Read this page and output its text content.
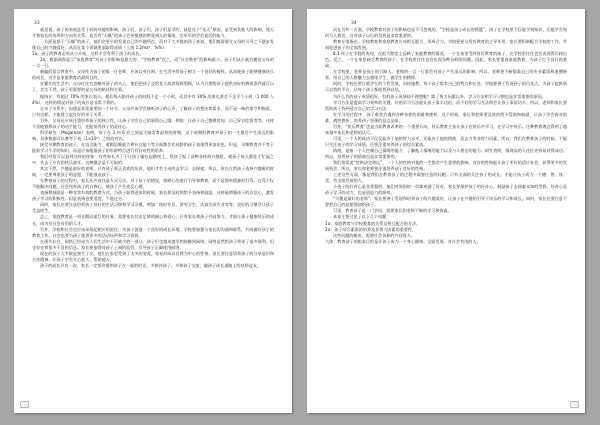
33

就是说，孩子的表现是受于妈妈对她的影响，孩子们，孩子们，孩子们是学的，就是这个“先天”原因，是受到其他人的影响，使天才和家长的培养和方向有关系。是否有“天赋”的孩子会更敏感的察觉到人的情绪，会更早的学会说话的能力。

一方面是基于“天赋”的孩子，他们会更早的发现自己的兴趣所在，而对于大多数的孩子来说，他们都需要在父母的引导之下逐步发现自己的兴趣爱好，从而在某个领域里面取得成绩（上海 1.2ma²：%%）。

1a，孩子的教育必须从小开始，这样才会有利于孩子的成长。

2a，根据调查显示“家庭教育”对孩子的影响是最大的，“学校教育”次之，而“社会教育”的影响最小。孩子们从小就会模仿父母的一言一行。

新编的语言教育中，父母作为孩子的第一任老师，应该以身作则，在生活中给孩子树立一个良好的榜样。从而使孩子能够健康快乐的成长，这才是家庭教育的最终目的。

在繁忙的生活中，父母往往会忽略对孩子的关心，他们把孩子交给老人或者保姆照顾，认为只要给孩子提供良好的物质条件就可以了。其实不然，孩子更需要的是父母的陪伴和关爱。

据统计，有超过 70% 的家长表示，他们每天陪伴孩子的时间不足一个小时，而其中有 30% 的家长甚至不足半个小时（1 000 人 4%）。这样的情况对孩子的成长是非常不利的。

在亲子关系中，沟通是非常重要的一个环节。父母应该学会倾听孩子的心声，了解孩子的想法和需求，而不是一味的命令和指责。只有这样，才能建立起良好的亲子关系。

另外，父母还应该注重培养孩子的独立性，让孩子学会自己的事情自己做。例如：让孩子自己整理房间、自己穿衣吃饭等等。这样不仅能锻炼孩子的动手能力，还能培养孩子的责任心。

科学研究（Megaman）表明，孩子在 3 到 6 岁之间是大脑发育最快的时期，这个时期的教育对孩子的一生都会产生深远的影响。具体数据可以参考下表（1×10⁵）之间的对比。

接受早期教育的孩子，在语言能力、逻辑思维能力和社交能力等方面都会比同龄的孩子表现得更加出色。但是，早期教育并不等于提前学习小学的知识，而是应该根据孩子的年龄特点进行有针对性的培养。

我们经常可以看到这样的现象：有些家长为了不让孩子输在起跑线上，给孩子报了各种各样的兴趣班，使孩子每天都处于忙碌之中，失去了应有的快乐童年。这种做法是不可取的。

其实不然，兴趣是最好的老师，只有孩子真正喜欢的东西，他们才会主动的去学习、去探索。所以，家长在给孩子选择兴趣班的时候，一定要尊重孩子的意愿，不能强迫孩子。

在教育孩子的过程中，家长还应该注意方式方法。对于孩子的错误，要耐心的进行引导和教育，而不是简单粗暴的打骂。打骂不仅不能解决问题，还会伤害孩子的自尊心，使孩子产生逆反心理。

表扬和鼓励是一种非常有效的教育方式。当孩子取得进步的时候，家长要及时的给予表扬和鼓励，这样能增强孩子的自信心，激发孩子学习的积极性。但是表扬也要适度，不能过分。

同时，家长还要注意培养孩子良好的生活习惯和学习习惯。例如：按时作息、讲究卫生、认真完成作业等等。良好的习惯会让孩子受益终生。

总之，家庭教育是一项长期而艰巨的任务，需要家长付出足够的耐心和爱心。只有家长和孩子共同努力，才能让孩子健康快乐的成长，成为对社会有用的人才。

另外，学校和社会也应该承担起相应的责任，为孩子创造一个良好的成长环境。学校要加强与家长的沟通和联系，共同做好孩子的教育工作。社会也要为孩子提供更多的活动场所和学习资源。

在现代社会，网络已经成为人们生活中不可缺少的一部分。孩子们也越来越早的接触到网络。网络虽然给孩子带来了很多便利，但也存在着很多不良的信息。家长要加强对孩子上网的监管，引导孩子正确使用网络。

现在的孩子大多数是独生子女，他们在家里受到了太多的宠爱，容易形成以自我为中心的性格。家长要注意培养孩子的分享意识和合作精神，让孩子学会关心他人、帮助他人。

孩子的成长只有一次，家长一定要珍惜和孩子在一起的时光，多陪伴孩子，多和孩子交流，做孩子成长道路上的良师益友。

34

而在另外一方面，学校教育对孩子的影响也是不可忽视的。“学校是孩子成长的摇篮”，孩子在学校里不仅能学到知识，还能学会如何与人相处，这对孩子以后的发展是非常重要的。

教育专家指出，学校教育和家庭教育应该相互配合，形成合力。学校要充分发挥教育的主导作用，家长要积极配合学校的工作，共同促进孩子的全面发展。

8.1 孩子在学校的表现，在很大程度上反映了家庭教育的情况。一个在家里受到良好教育的孩子，在学校里往往也会表现得比较出色。反之，一个在家里缺乏教育的孩子，在学校里往往也会出现各种各样的问题。因此，家长要重视家庭教育，为孩子打下良好的基础。

在学校里，老师是孩子的引路人。老师的一言一行都会对孩子产生深远的影响。所以，老师要不断提高自己的专业素质和道德修养，用自己的人格魅力去感染学生，做学生的榜样。

同时，学校还要注重学生的个性发展，因材施教。每个孩子都有自己的特点和长处，学校要善于发现孩子的闪光点，为孩子提供展示自我的平台，让每个孩子都能找到自信。

为什么有的孩子成绩很好，有的孩子成绩却不理想呢？除了智力因素以外，学习方法和学习习惯也是非常重要的原因。

学习方法是提高学习效率的关键。好的学习方法能让孩子事半功倍，而不好的学习方法则会让孩子事倍功半。所以，老师和家长要帮助孩子找到适合自己的学习方法。

在学习的过程中，孩子难免会遇到各种各样的困难和挫折。这个时候，家长和老师要及时的给予帮助和鼓励，让孩子学会面对困难，战胜挫折，培养孩子坚强的意志品质。

另外，“快乐教育”也是当前教育改革的一个重要方向。快乐教育主张让孩子在快乐中学习，在学习中快乐。这种教育理念得到了越来越多家长和老师的认可。

可见，一个人的成功不仅仅取决于他的智力水平，还取决于他的情商、意志力等非智力因素。所以，我们在教育孩子的时候，不能只关注孩子的学习成绩，还要注重培养孩子的综合素质。

情商，是指一个人控制自己情绪的能力、了解他人情绪的能力以及与人相处的能力。研究表明，情商高的人往往更容易获得成功。所以，培养孩子的情商也是非常重要的。

我们常常说“性格决定命运”，一个人的性格对他的一生都会产生重要的影响。良好的性格能让孩子更好的适应社会，获得更多的发展机会。所以，家长和老师要注重培养孩子良好的性格。

上述这些方面，都是我们在教育孩子的过程中需要注意的问题。只有全面的关注孩子的成长，才能让孩子成为一个德、智、体、美、劳全面发展的人。

小孩子的好奇心是非常强的，他们对周围的一切都充满了好奇。家长要保护孩子的好奇心，鼓励孩子去探索未知的世界。好奇心是孩子学习的动力，也是创造力的源泉。

“兴趣是最好的老师”，家长要善于发现和培养孩子的兴趣爱好，让孩子在兴趣的引导下快乐的学习和成长。同时，家长还要注意不要把自己的意愿强加给孩子。

可见，教育孩子是一门学问，需要家长和老师不断的学习和探索。

本章主要讨论了以下几个问题：

1a：家庭教育与学校教育的关系及相互配合的方法。

2a：孩子综合素质的培养及非智力因素的重要性。

这些问题的解决，需要社会各界的共同努力。

大体：教育孩子的根本目的是让孩子成为一个身心健康、全面发展、对社会有用的人。
